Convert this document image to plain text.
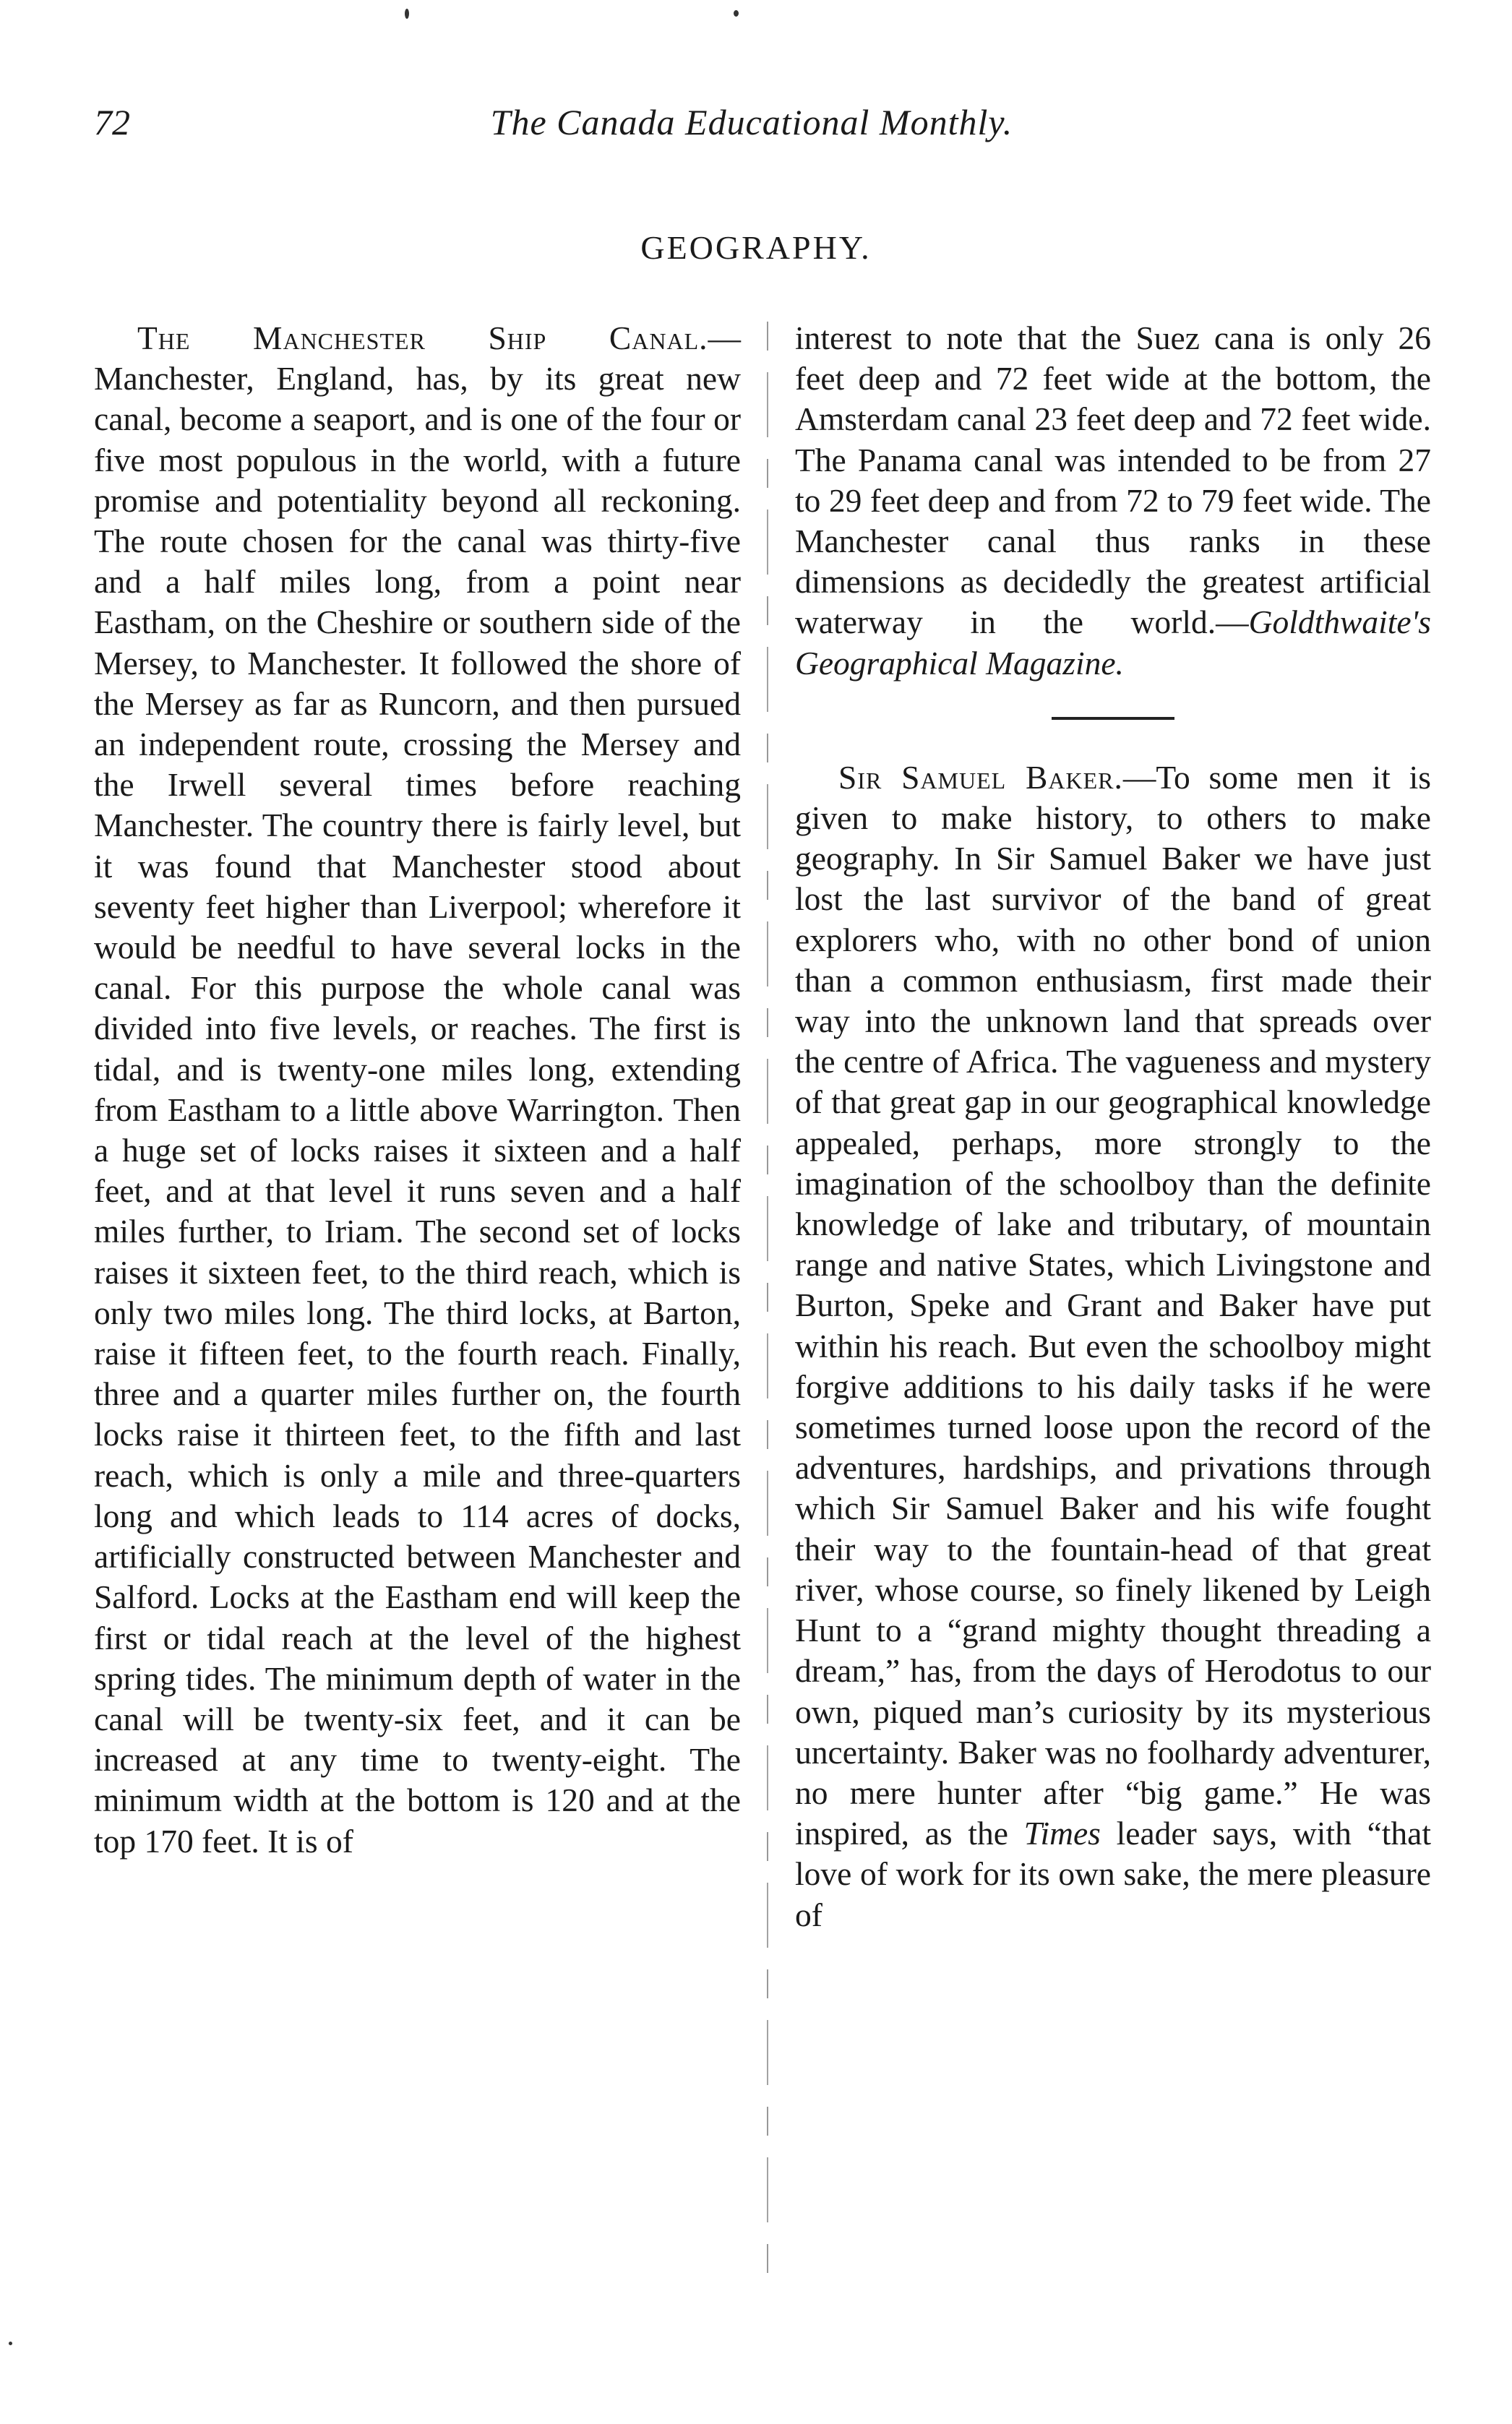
72	The Canada Educational Monthly.
GEOGRAPHY.

The Manchester Ship Canal.— Manchester, England, has, by its great new canal, become a seaport, and is one of the four or five most populous in the world, with a future promise and potentiality beyond all reckoning. The route chosen for the canal was thirty-five and a half miles long, from a point near Eastham, on the Cheshire or southern side of the Mersey, to Manchester. It followed the shore of the Mersey as far as Runcorn, and then pursued an independent route, crossing the Mersey and the Irwell several times before reaching Manchester. The country there is fairly level, but it was found that Manchester stood about seventy feet higher than Liverpool; wherefore it would be needful to have several locks in the canal. For this purpose the whole canal was divided into five levels, or reaches. The first is tidal, and is twenty-one miles long, extending from Eastham to a little above Warrington. Then a huge set of locks raises it sixteen and a half feet, and at that level it runs seven and a half miles further, to Iriam. The second set of locks raises it sixteen feet, to the third reach, which is only two miles long. The third locks, at Barton, raise it fifteen feet, to the fourth reach. Finally, three and a quarter miles further on, the fourth locks raise it thirteen feet, to the fifth and last reach, which is only a mile and three-quarters long and which leads to 114 acres of docks, artificially constructed between Manchester and Salford. Locks at the Eastham end will keep the first or tidal reach at the level of the highest spring tides. The minimum depth of water in the canal will be twenty-six feet, and it can be increased at any time to twenty-eight. The minimum width at the bottom is 120 and at the top 170 feet. It is of

interest to note that the Suez cana is only 26 feet deep and 72 feet wide at the bottom, the Amsterdam canal 23 feet deep and 72 feet wide. The Panama canal was intended to be from 27 to 29 feet deep and from 72 to 79 feet wide. The Manchester canal thus ranks in these dimensions as decidedly the greatest artificial waterway in the world.—Goldthwaite's Geographical Magazine.

Sir Samuel Baker.—To some men it is given to make history, to others to make geography. In Sir Samuel Baker we have just lost the last survivor of the band of great explorers who, with no other bond of union than a common enthusiasm, first made their way into the unknown land that spreads over the centre of Africa. The vagueness and mystery of that great gap in our geographical knowledge appealed, perhaps, more strongly to the imagination of the schoolboy than the definite knowledge of lake and tributary, of mountain range and native States, which Livingstone and Burton, Speke and Grant and Baker have put within his reach. But even the schoolboy might forgive additions to his daily tasks if he were sometimes turned loose upon the record of the adventures, hardships, and privations through which Sir Samuel Baker and his wife fought their way to the fountain-head of that great river, whose course, so finely likened by Leigh Hunt to a “grand mighty thought threading a dream,” has, from the days of Herodotus to our own, piqued man’s curiosity by its mysterious uncertainty. Baker was no foolhardy adventurer, no mere hunter after “big game.” He was inspired, as the Times leader says, with “that love of work for its own sake, the mere pleasure of
